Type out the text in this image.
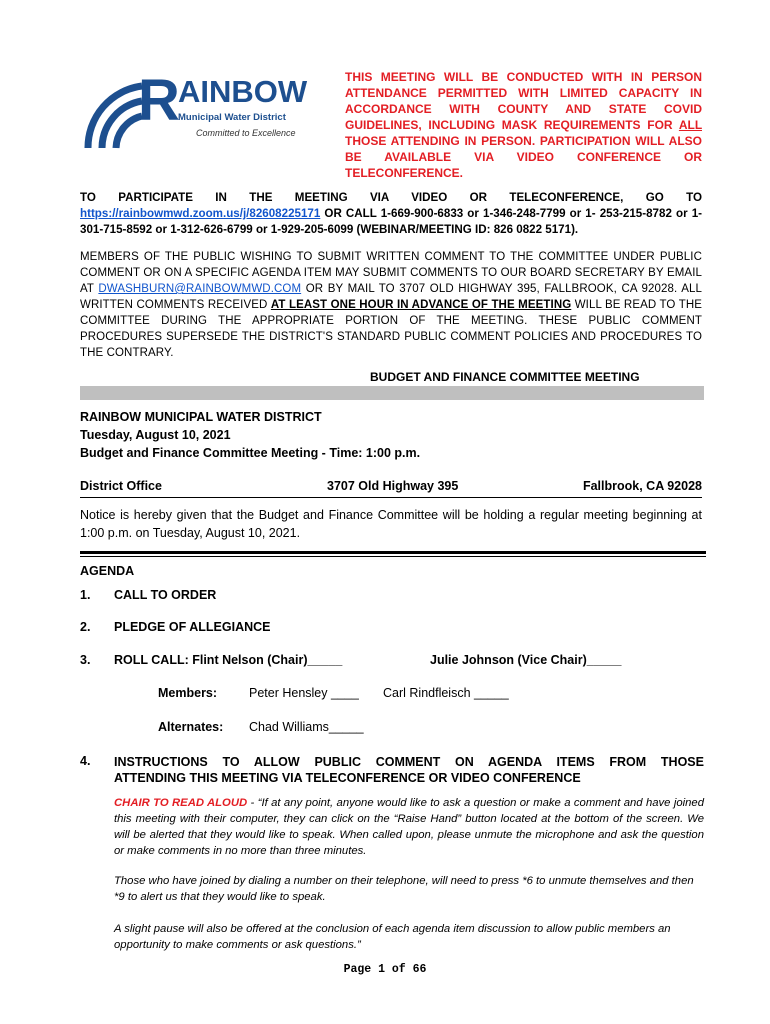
R AINBOW
Municipal Water District
Committed to Excellence
THIS MEETING WILL BE CONDUCTED WITH IN PERSON ATTENDANCE PERMITTED WITH LIMITED CAPACITY IN ACCORDANCE WITH COUNTY AND STATE COVID GUIDELINES, INCLUDING MASK REQUIREMENTS FOR ALL THOSE ATTENDING IN PERSON. PARTICIPATION WILL ALSO BE AVAILABLE VIA VIDEO CONFERENCE OR TELECONFERENCE.
TO PARTICIPATE IN THE MEETING VIA VIDEO OR TELECONFERENCE, GO TO
https://rainbowmwd.zoom.us/j/82608225171 OR CALL 1-669-900-6833 or 1-346-248-7799 or 1- 253-215-8782 or 1-301-715-8592 or 1-312-626-6799 or 1-929-205-6099 (WEBINAR/MEETING ID: 826 0822 5171).
MEMBERS OF THE PUBLIC WISHING TO SUBMIT WRITTEN COMMENT TO THE COMMITTEE UNDER PUBLIC COMMENT OR ON A SPECIFIC AGENDA ITEM MAY SUBMIT COMMENTS TO OUR BOARD SECRETARY BY EMAIL AT DWASHBURN@RAINBOWMWD.COM OR BY MAIL TO 3707 OLD HIGHWAY 395, FALLBROOK, CA 92028. ALL WRITTEN COMMENTS RECEIVED AT LEAST ONE HOUR IN ADVANCE OF THE MEETING WILL BE READ TO THE COMMITTEE DURING THE APPROPRIATE PORTION OF THE MEETING. THESE PUBLIC COMMENT PROCEDURES SUPERSEDE THE DISTRICT'S STANDARD PUBLIC COMMENT POLICIES AND PROCEDURES TO THE CONTRARY.
BUDGET AND FINANCE COMMITTEE MEETING
RAINBOW MUNICIPAL WATER DISTRICT
Tuesday, August 10, 2021
Budget and Finance Committee Meeting - Time: 1:00 p.m.
District Office	3707 Old Highway 395	Fallbrook, CA 92028
Notice is hereby given that the Budget and Finance Committee will be holding a regular meeting beginning at 1:00 p.m. on Tuesday, August 10, 2021.
AGENDA
1. CALL TO ORDER
2. PLEDGE OF ALLEGIANCE
3. ROLL CALL: Flint Nelson (Chair)_____	Julie Johnson (Vice Chair)_____
Members:	Peter Hensley ____ Carl Rindfleisch _____
Alternates: Chad Williams_____
4. INSTRUCTIONS TO ALLOW PUBLIC COMMENT ON AGENDA ITEMS FROM THOSE
ATTENDING THIS MEETING VIA TELECONFERENCE OR VIDEO CONFERENCE
CHAIR TO READ ALOUD - “If at any point, anyone would like to ask a question or make a comment and have joined this meeting with their computer, they can click on the “Raise Hand” button located at the bottom of the screen. We will be alerted that they would like to speak. When called upon, please unmute the microphone and ask the question or make comments in no more than three minutes.
Those who have joined by dialing a number on their telephone, will need to press *6 to unmute themselves and then *9 to alert us that they would like to speak.
A slight pause will also be offered at the conclusion of each agenda item discussion to allow public members an opportunity to make comments or ask questions.”
Page 1 of 66
